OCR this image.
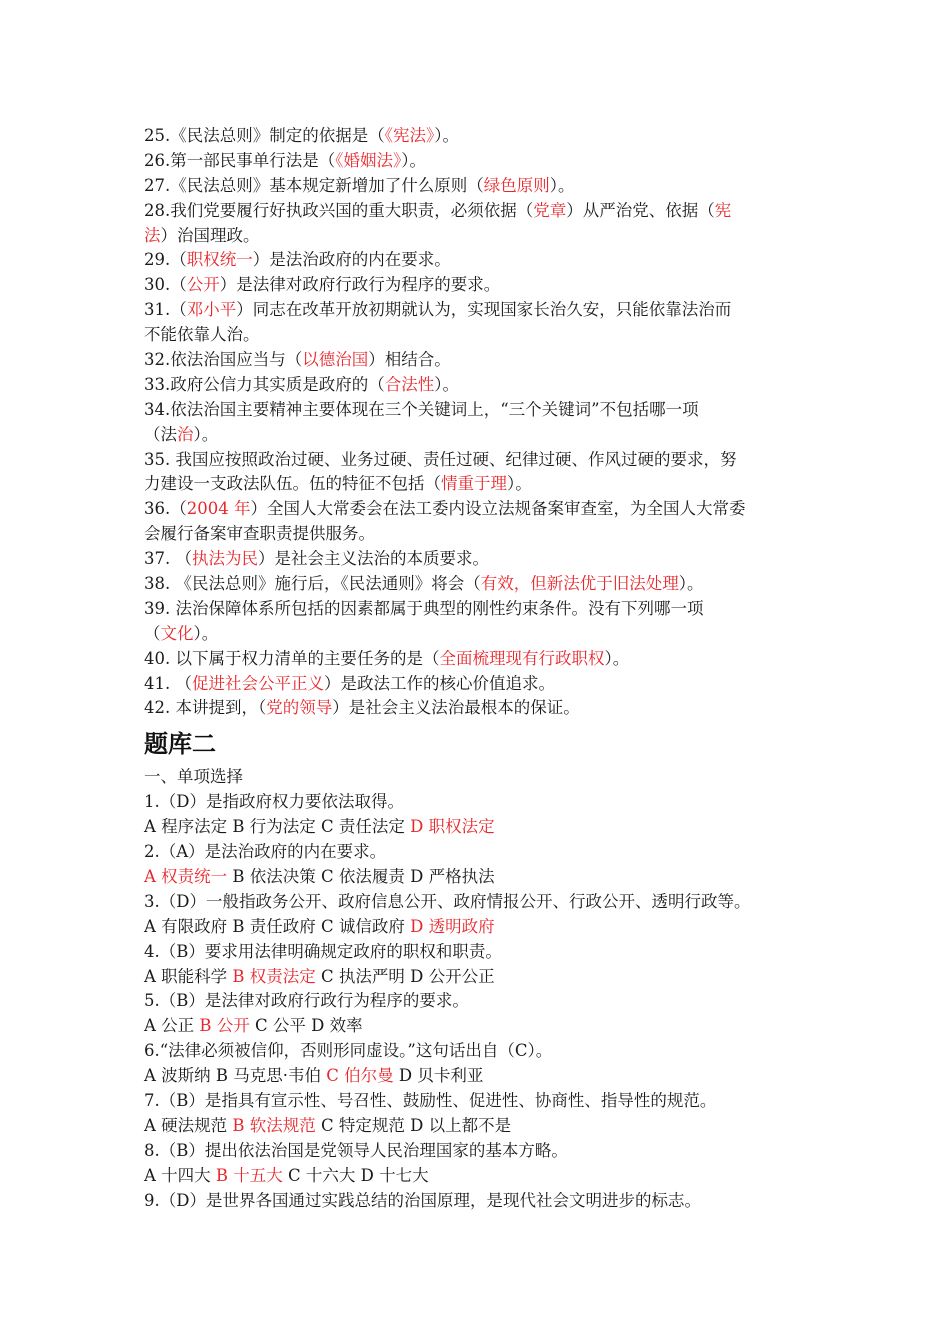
25.《民法总则》制定的依据是（《宪法》）。
26.第一部民事单行法是（《婚姻法》）。
27.《民法总则》基本规定新增加了什么原则（绿色原则）。
28.我们党要履行好执政兴国的重大职责，必须依据（党章）从严治党、依据（宪
法）治国理政。
29.（职权统一）是法治政府的内在要求。
30.（公开）是法律对政府行政行为程序的要求。
31.（邓小平）同志在改革开放初期就认为，实现国家长治久安，只能依靠法治而
不能依靠人治。
32.依法治国应当与（以德治国）相结合。
33.政府公信力其实质是政府的（合法性）。
34.依法治国主要精神主要体现在三个关键词上，“三个关键词”不包括哪一项
（法治）。
35. 我国应按照政治过硬、业务过硬、责任过硬、纪律过硬、作风过硬的要求，努
力建设一支政法队伍。伍的特征不包括（情重于理）。
36.（2004 年）全国人大常委会在法工委内设立法规备案审查室，为全国人大常委
会履行备案审查职责提供服务。
37. （执法为民）是社会主义法治的本质要求。
38. 《民法总则》施行后，《民法通则》将会（有效，但新法优于旧法处理）。
39. 法治保障体系所包括的因素都属于典型的刚性约束条件。没有下列哪一项
（文化）。
40. 以下属于权力清单的主要任务的是（全面梳理现有行政职权）。
41. （促进社会公平正义）是政法工作的核心价值追求。
42. 本讲提到，（党的领导）是社会主义法治最根本的保证。
题库二
一、单项选择
1.（D）是指政府权力要依法取得。
A 程序法定 B 行为法定 C 责任法定 D 职权法定
2.（A）是法治政府的内在要求。
A 权责统一 B 依法决策 C 依法履责 D 严格执法
3.（D）一般指政务公开、政府信息公开、政府情报公开、行政公开、透明行政等。
A 有限政府 B 责任政府 C 诚信政府 D 透明政府
4.（B）要求用法律明确规定政府的职权和职责。
A 职能科学 B 权责法定 C 执法严明 D 公开公正
5.（B）是法律对政府行政行为程序的要求。
A 公正 B 公开 C 公平 D 效率
6.“法律必须被信仰，否则形同虚设。”这句话出自（C）。
A 波斯纳 B 马克思·韦伯 C 伯尔曼 D 贝卡利亚
7.（B）是指具有宣示性、号召性、鼓励性、促进性、协商性、指导性的规范。
A 硬法规范 B 软法规范 C 特定规范 D 以上都不是
8.（B）提出依法治国是党领导人民治理国家的基本方略。
A 十四大 B 十五大 C 十六大 D 十七大
9.（D）是世界各国通过实践总结的治国原理，是现代社会文明进步的标志。
